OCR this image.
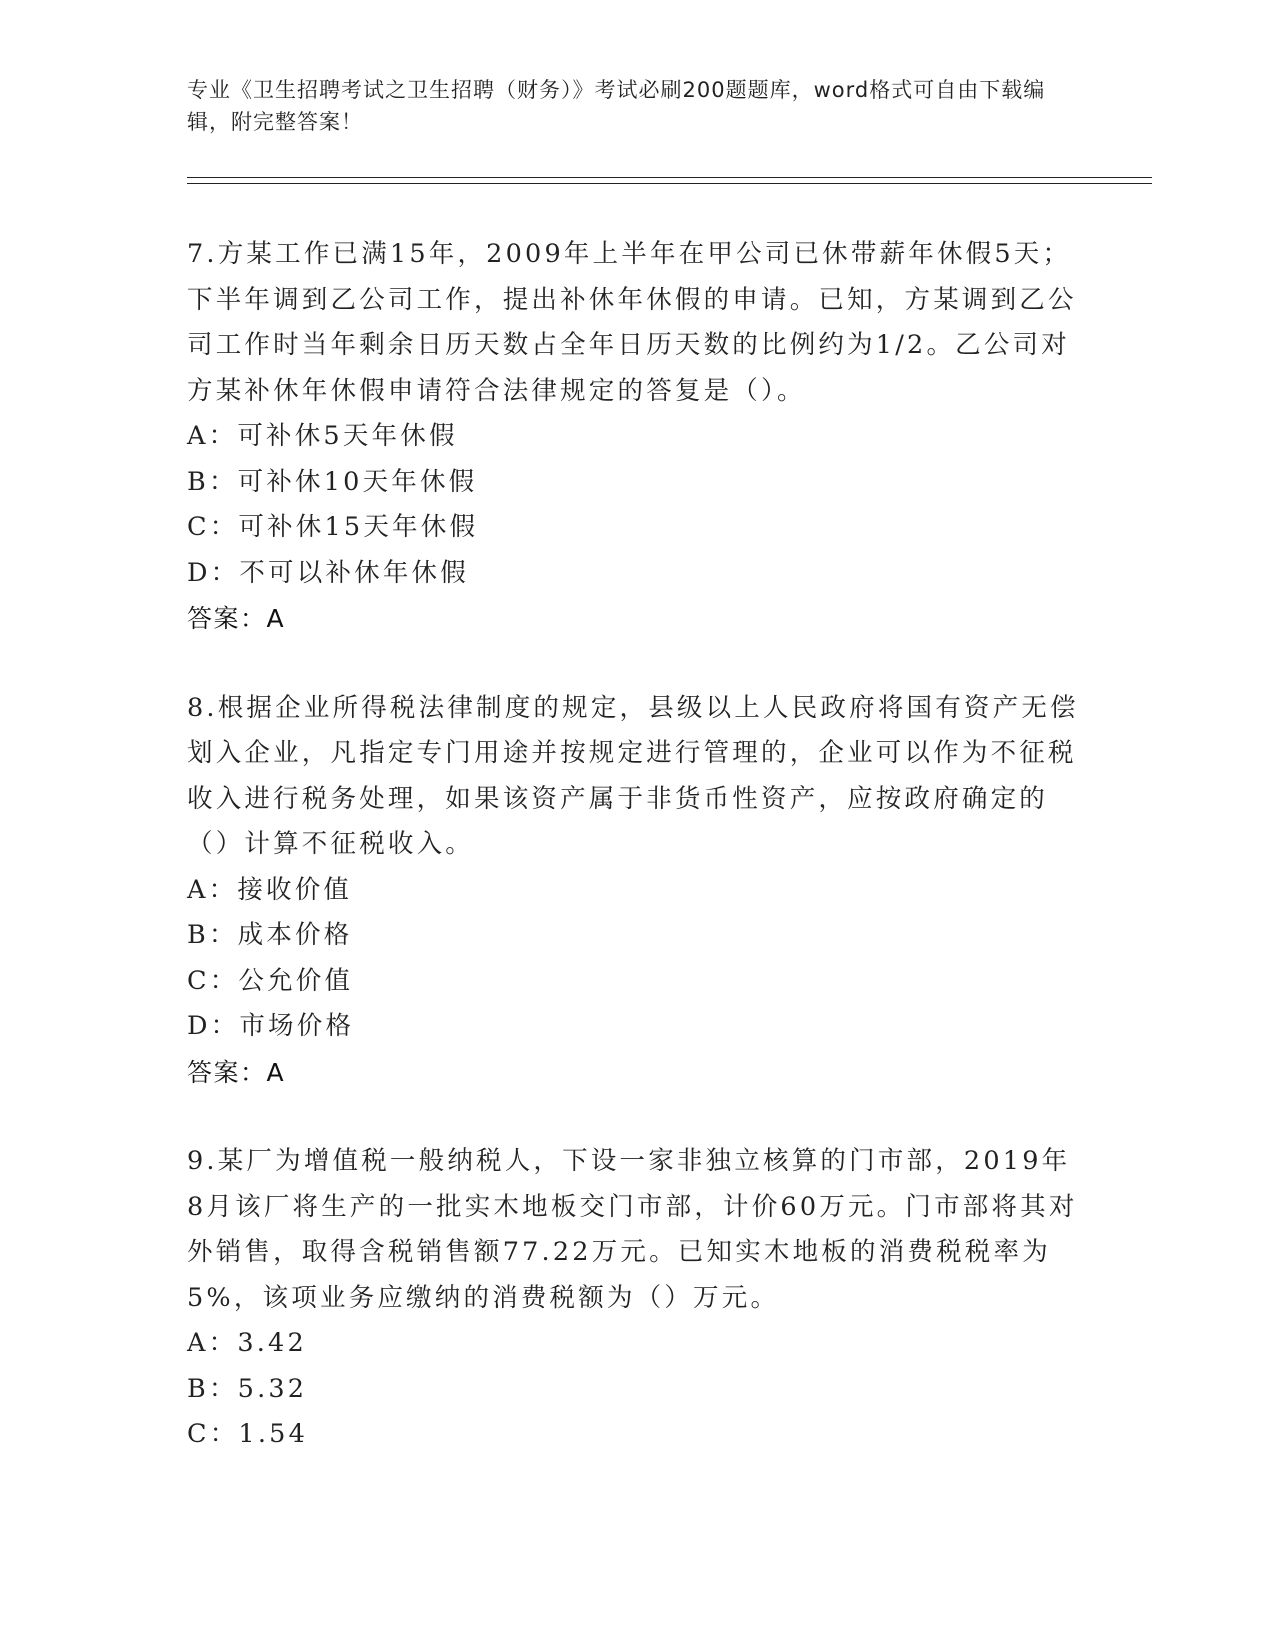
专业《卫生招聘考试之卫生招聘（财务）》考试必刷200题题库，word格式可自由下载编辑，附完整答案！
7.方某工作已满15年，2009年上半年在甲公司已休带薪年休假5天；下半年调到乙公司工作，提出补休年休假的申请。已知，方某调到乙公司工作时当年剩余日历天数占全年日历天数的比例约为1/2。乙公司对方某补休年休假申请符合法律规定的答复是（）。
A：可补休5天年休假
B：可补休10天年休假
C：可补休15天年休假
D：不可以补休年休假
答案：A
8.根据企业所得税法律制度的规定，县级以上人民政府将国有资产无偿划入企业，凡指定专门用途并按规定进行管理的，企业可以作为不征税收入进行税务处理，如果该资产属于非货币性资产，应按政府确定的（）计算不征税收入。
A：接收价值
B：成本价格
C：公允价值
D：市场价格
答案：A
9.某厂为增值税一般纳税人，下设一家非独立核算的门市部，2019年8月该厂将生产的一批实木地板交门市部，计价60万元。门市部将其对外销售，取得含税销售额77.22万元。已知实木地板的消费税税率为5%，该项业务应缴纳的消费税额为（）万元。
A：3.42
B：5.32
C：1.54
